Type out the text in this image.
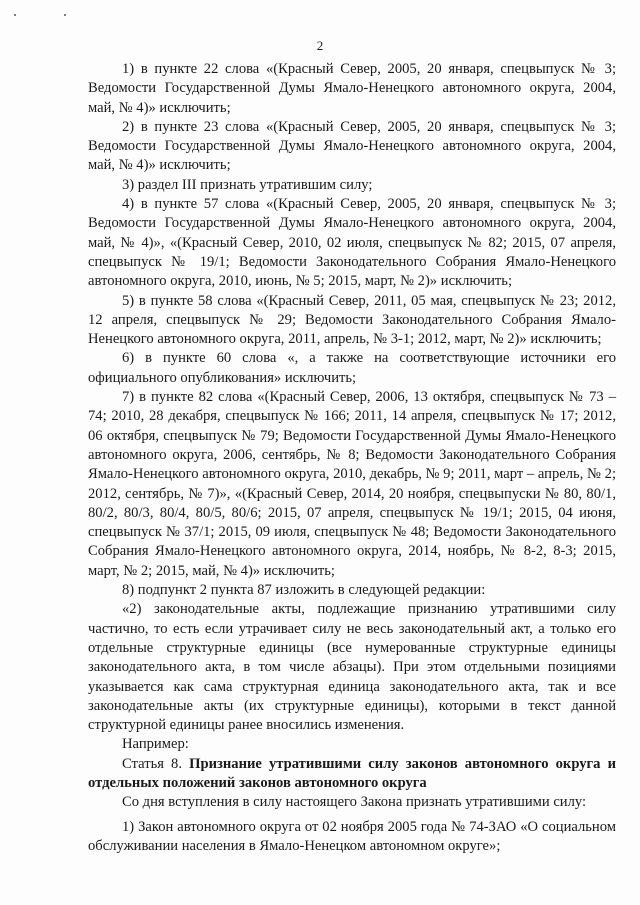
2

1) в пункте 22 слова «(Красный Север, 2005, 20 января, спецвыпуск № 3; Ведомости Государственной Думы Ямало-Ненецкого автономного округа, 2004, май, № 4)» исключить;

2) в пункте 23 слова «(Красный Север, 2005, 20 января, спецвыпуск № 3; Ведомости Государственной Думы Ямало-Ненецкого автономного округа, 2004, май, № 4)» исключить;

3) раздел III признать утратившим силу;

4) в пункте 57 слова «(Красный Север, 2005, 20 января, спецвыпуск № 3; Ведомости Государственной Думы Ямало-Ненецкого автономного округа, 2004, май, № 4)», «(Красный Север, 2010, 02 июля, спецвыпуск № 82; 2015, 07 апреля, спецвыпуск № 19/1; Ведомости Законодательного Собрания Ямало-Ненецкого автономного округа, 2010, июнь, № 5; 2015, март, № 2)» исключить;

5) в пункте 58 слова «(Красный Север, 2011, 05 мая, спецвыпуск № 23; 2012, 12 апреля, спецвыпуск № 29; Ведомости Законодательного Собрания Ямало-Ненецкого автономного округа, 2011, апрель, № 3-1; 2012, март, № 2)» исключить;

6) в пункте 60 слова «, а также на соответствующие источники его официального опубликования» исключить;

7) в пункте 82 слова «(Красный Север, 2006, 13 октября, спецвыпуск № 73 – 74; 2010, 28 декабря, спецвыпуск № 166; 2011, 14 апреля, спецвыпуск № 17; 2012, 06 октября, спецвыпуск № 79; Ведомости Государственной Думы Ямало-Ненецкого автономного округа, 2006, сентябрь, № 8; Ведомости Законодательного Собрания Ямало-Ненецкого автономного округа, 2010, декабрь, № 9; 2011, март – апрель, № 2; 2012, сентябрь, № 7)», «(Красный Север, 2014, 20 ноября, спецвыпуски № 80, 80/1, 80/2, 80/3, 80/4, 80/5, 80/6; 2015, 07 апреля, спецвыпуск № 19/1; 2015, 04 июня, спецвыпуск № 37/1; 2015, 09 июля, спецвыпуск № 48; Ведомости Законодательного Собрания Ямало-Ненецкого автономного округа, 2014, ноябрь, № 8-2, 8-3; 2015, март, № 2; 2015, май, № 4)» исключить;

8) подпункт 2 пункта 87 изложить в следующей редакции:

«2) законодательные акты, подлежащие признанию утратившими силу частично, то есть если утрачивает силу не весь законодательный акт, а только его отдельные структурные единицы (все нумерованные структурные единицы законодательного акта, в том числе абзацы). При этом отдельными позициями указывается как сама структурная единица законодательного акта, так и все законодательные акты (их структурные единицы), которыми в текст данной структурной единицы ранее вносились изменения.

Например:

Статья 8. Признание утратившими силу законов автономного округа и отдельных положений законов автономного округа

Со дня вступления в силу настоящего Закона признать утратившими силу:

1) Закон автономного округа от 02 ноября 2005 года № 74-ЗАО «О социальном обслуживании населения в Ямало-Ненецком автономном округе»;
